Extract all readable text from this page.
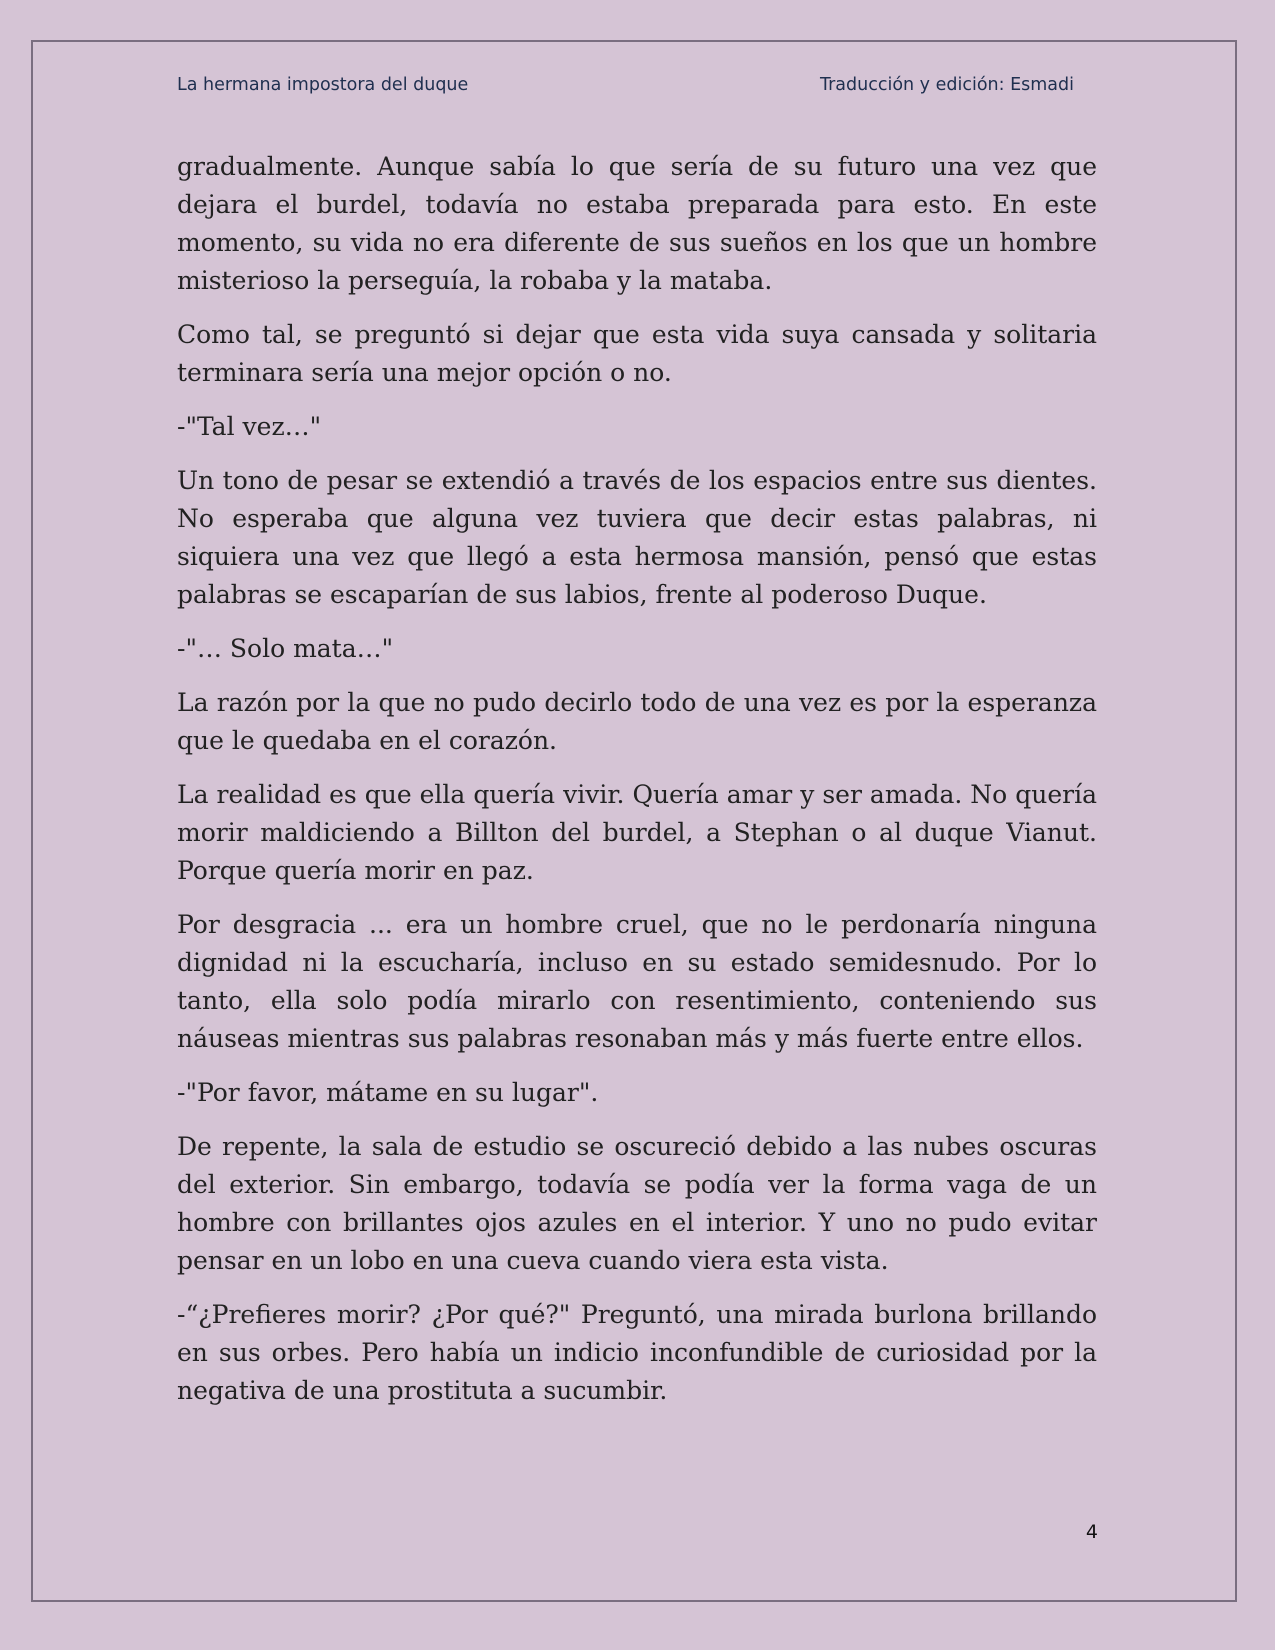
La hermana impostora del duque	Traducción y edición: Esmadi

gradualmente. Aunque sabía lo que sería de su futuro una vez que dejara el burdel, todavía no estaba preparada para esto. En este momento, su vida no era diferente de sus sueños en los que un hombre misterioso la perseguía, la robaba y la mataba.

Como tal, se preguntó si dejar que esta vida suya cansada y solitaria terminara sería una mejor opción o no.

-"Tal vez…"

Un tono de pesar se extendió a través de los espacios entre sus dientes. No esperaba que alguna vez tuviera que decir estas palabras, ni siquiera una vez que llegó a esta hermosa mansión, pensó que estas palabras se escaparían de sus labios, frente al poderoso Duque.

-"… Solo mata…"

La razón por la que no pudo decirlo todo de una vez es por la esperanza que le quedaba en el corazón.

La realidad es que ella quería vivir. Quería amar y ser amada. No quería morir maldiciendo a Billton del burdel, a Stephan o al duque Vianut. Porque quería morir en paz.

Por desgracia ... era un hombre cruel, que no le perdonaría ninguna dignidad ni la escucharía, incluso en su estado semidesnudo. Por lo tanto, ella solo podía mirarlo con resentimiento, conteniendo sus náuseas mientras sus palabras resonaban más y más fuerte entre ellos.

-"Por favor, mátame en su lugar".

De repente, la sala de estudio se oscureció debido a las nubes oscuras del exterior. Sin embargo, todavía se podía ver la forma vaga de un hombre con brillantes ojos azules en el interior. Y uno no pudo evitar pensar en un lobo en una cueva cuando viera esta vista.

-“¿Prefieres morir? ¿Por qué?" Preguntó, una mirada burlona brillando en sus orbes. Pero había un indicio inconfundible de curiosidad por la negativa de una prostituta a sucumbir.

4
